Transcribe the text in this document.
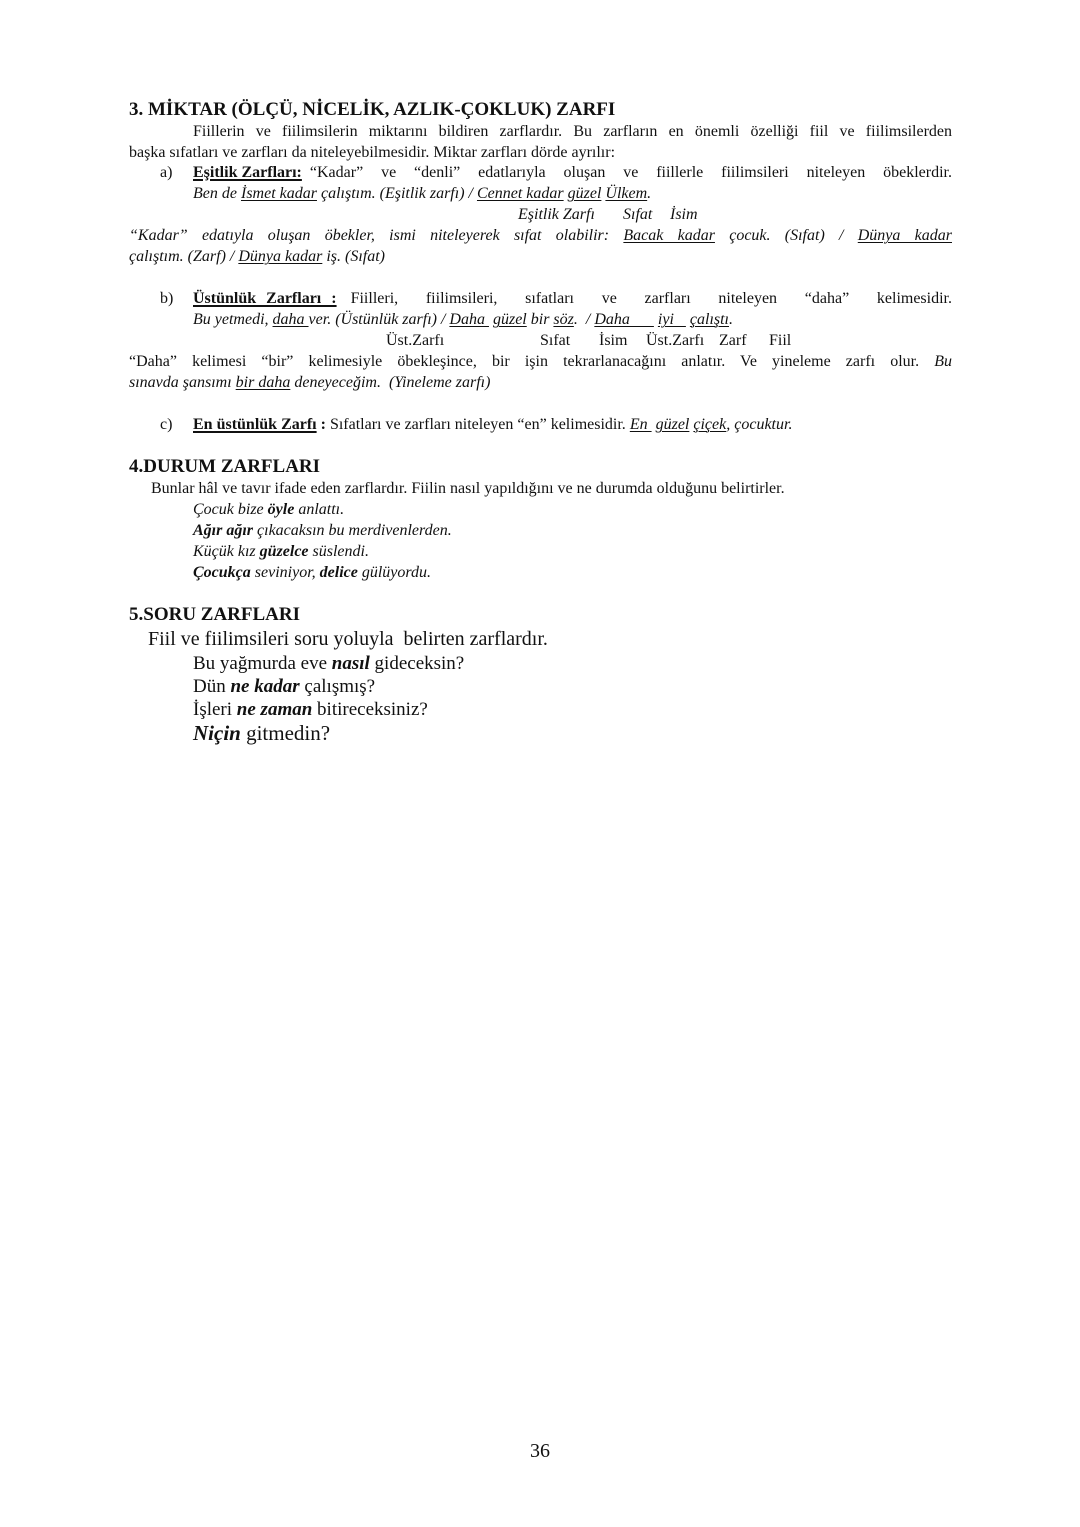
3. MİKTAR (ÖLÇÜ, NİCELİK, AZLIK-ÇOKLUK) ZARFI
Fiillerin ve fiilimsilerin miktarını bildiren zarflardır. Bu zarfların en önemli özelliği fiil ve fiilimsilerden
başka sıfatları ve zarfları da niteleyebilmesidir. Miktar zarfları dörde ayrılır:
a) Eşitlik Zarfları: “Kadar” ve “denli” edatlarıyla oluşan ve fiillerle fiilimsileri niteleyen öbeklerdir.
Ben de İsmet kadar çalıştım. (Eşitlik zarfı) / Cennet kadar güzel Ülkem.
Eşitlik Zarfı Sıfat İsim
“Kadar” edatıyla oluşan öbekler, ismi niteleyerek sıfat olabilir: Bacak kadar çocuk. (Sıfat) / Dünya kadar
çalıştım. (Zarf) / Dünya kadar iş. (Sıfat)
b) Üstünlük Zarfları : Fiilleri, fiilimsileri, sıfatları ve zarfları niteleyen “daha” kelimesidir.
Bu yetmedi, daha ver. (Üstünlük zarfı) / Daha  güzel bir söz.  / Daha       iyi    çalıştı.
Üst.Zarfı	Sıfat İsim Üst.Zarfı Zarf Fiil
“Daha” kelimesi “bir” kelimesiyle öbekleşince, bir işin tekrarlanacağını anlatır. Ve yineleme zarfı olur. Bu
sınavda şansımı bir daha deneyeceğim.  (Yineleme zarfı)
c) En üstünlük Zarfı : Sıfatları ve zarfları niteleyen “en” kelimesidir. En  güzel çiçek, çocuktur.
4.DURUM ZARFLARI
Bunlar hâl ve tavır ifade eden zarflardır. Fiilin nasıl yapıldığını ve ne durumda olduğunu belirtirler.
Çocuk bize öyle anlattı.
Ağır ağır çıkacaksın bu merdivenlerden.
Küçük kız güzelce süslendi.
Çocukça seviniyor, delice gülüyordu.
5.SORU ZARFLARI
Fiil ve fiilimsileri soru yoluyla  belirten zarflardır.
Bu yağmurda eve nasıl gideceksin?
Dün ne kadar çalışmış?
İşleri ne zaman bitireceksiniz?
Niçin gitmedin?
36
